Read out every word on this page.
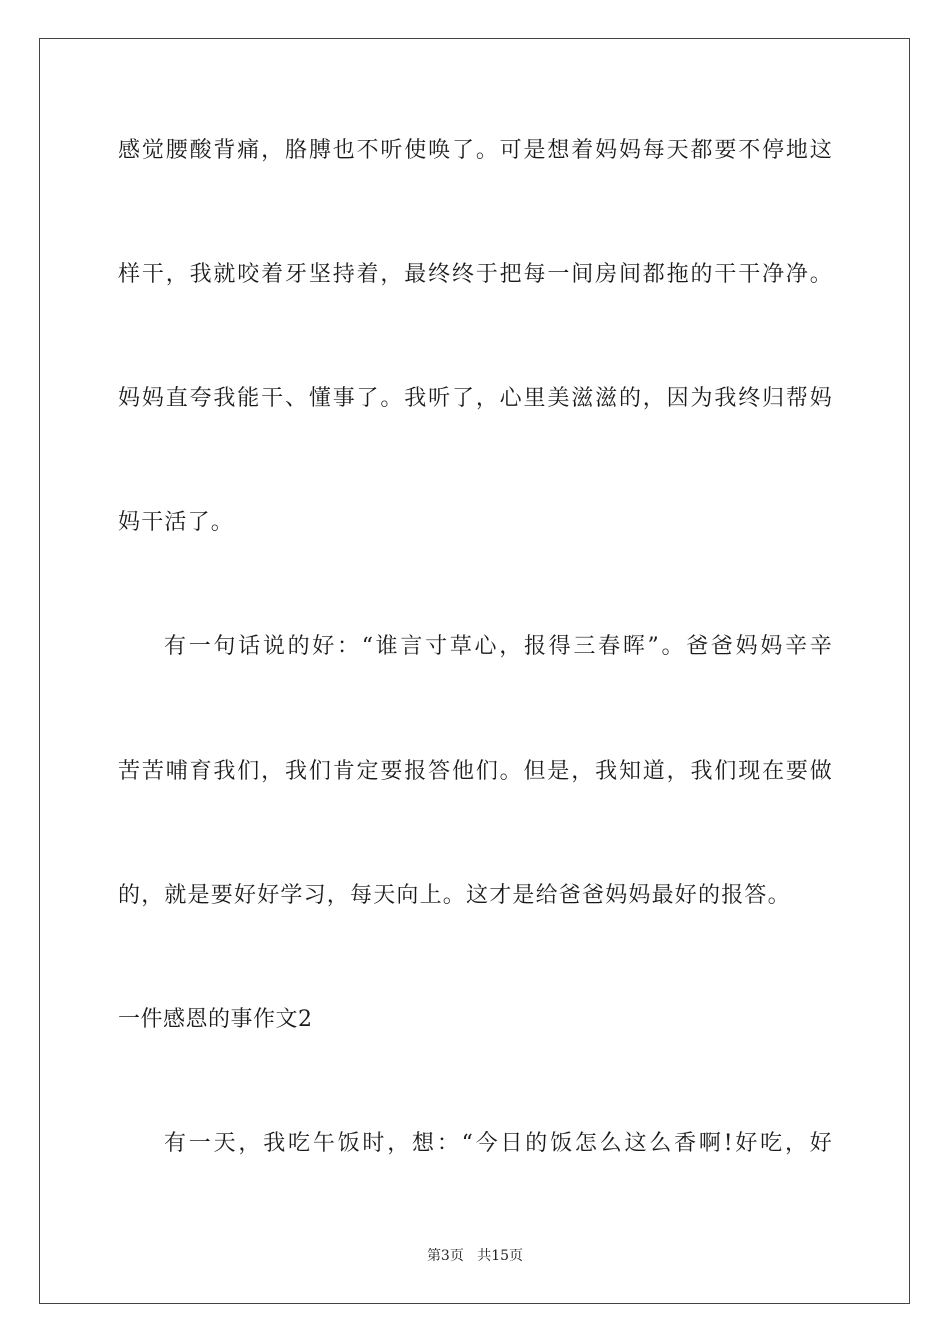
感觉腰酸背痛，胳膊也不听使唤了。可是想着妈妈每天都要不停地这
样干，我就咬着牙坚持着，最终终于把每一间房间都拖的干干净净。
妈妈直夸我能干、懂事了。我听了，心里美滋滋的，因为我终归帮妈
妈干活了。
有一句话说的好：“谁言寸草心，报得三春晖”。爸爸妈妈辛辛
苦苦哺育我们，我们肯定要报答他们。但是，我知道，我们现在要做
的，就是要好好学习，每天向上。这才是给爸爸妈妈最好的报答。
一件感恩的事作文2
有一天，我吃午饭时，想：“今日的饭怎么这么香啊!好吃，好
第3页 共15页
